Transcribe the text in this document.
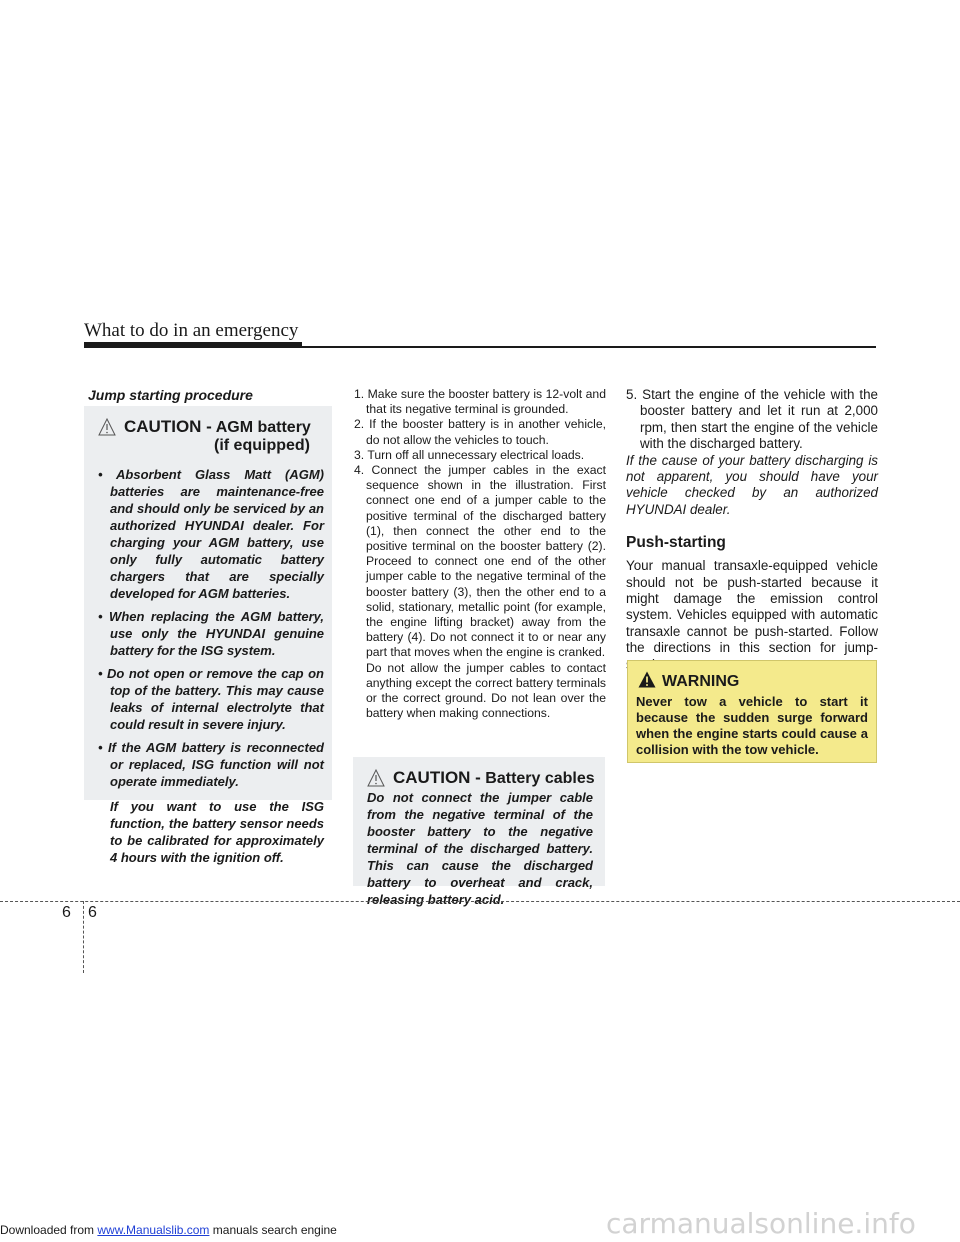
What to do in an emergency
Jump starting procedure
CAUTION - AGM battery
(if equipped)
• Absorbent Glass Matt (AGM) batteries are maintenance-free and should only be serviced by an authorized HYUNDAI dealer. For charging your AGM battery, use only fully automatic battery chargers that are specially developed for AGM batteries.
• When replacing the AGM battery, use only the HYUNDAI genuine battery for the ISG system.
• Do not open or remove the cap on top of the battery. This may cause leaks of internal electrolyte that could result in severe injury.
• If the AGM battery is reconnected or replaced, ISG function will not operate immediately.
If you want to use the ISG function, the battery sensor needs to be calibrated for approximately 4 hours with the ignition off.
1. Make sure the booster battery is 12-volt and that its negative terminal is grounded.
2. If the booster battery is in another vehicle, do not allow the vehicles to touch.
3. Turn off all unnecessary electrical loads.
4. Connect the jumper cables in the exact sequence shown in the illustration. First connect one end of a jumper cable to the positive terminal of the discharged battery (1), then connect the other end to the positive terminal on the booster battery (2). Proceed to connect one end of the other jumper cable to the negative terminal of the booster battery (3), then the other end to a solid, stationary, metallic point (for example, the engine lifting bracket) away from the battery (4). Do not connect it to or near any part that moves when the engine is cranked.
Do not allow the jumper cables to contact anything except the correct battery terminals or the correct ground. Do not lean over the battery when making connections.
CAUTION - Battery cables
Do not connect the jumper cable from the negative terminal of the booster battery to the negative terminal of the discharged battery. This can cause the discharged battery to overheat and crack, releasing battery acid.
5. Start the engine of the vehicle with the booster battery and let it run at 2,000 rpm, then start the engine of the vehicle with the discharged battery.
If the cause of your battery discharging is not apparent, you should have your vehicle checked by an authorized HYUNDAI dealer.
Push-starting
Your manual transaxle-equipped vehicle should not be push-started because it might damage the emission control system. Vehicles equipped with automatic transaxle cannot be push-started. Follow the directions in this section for jump-
WARNING
Never tow a vehicle to start it because the sudden surge forward when the engine starts could cause a collision with the tow vehicle.
6 6
Downloaded from www.Manualslib.com manuals search engine	carmanualsonline.info
